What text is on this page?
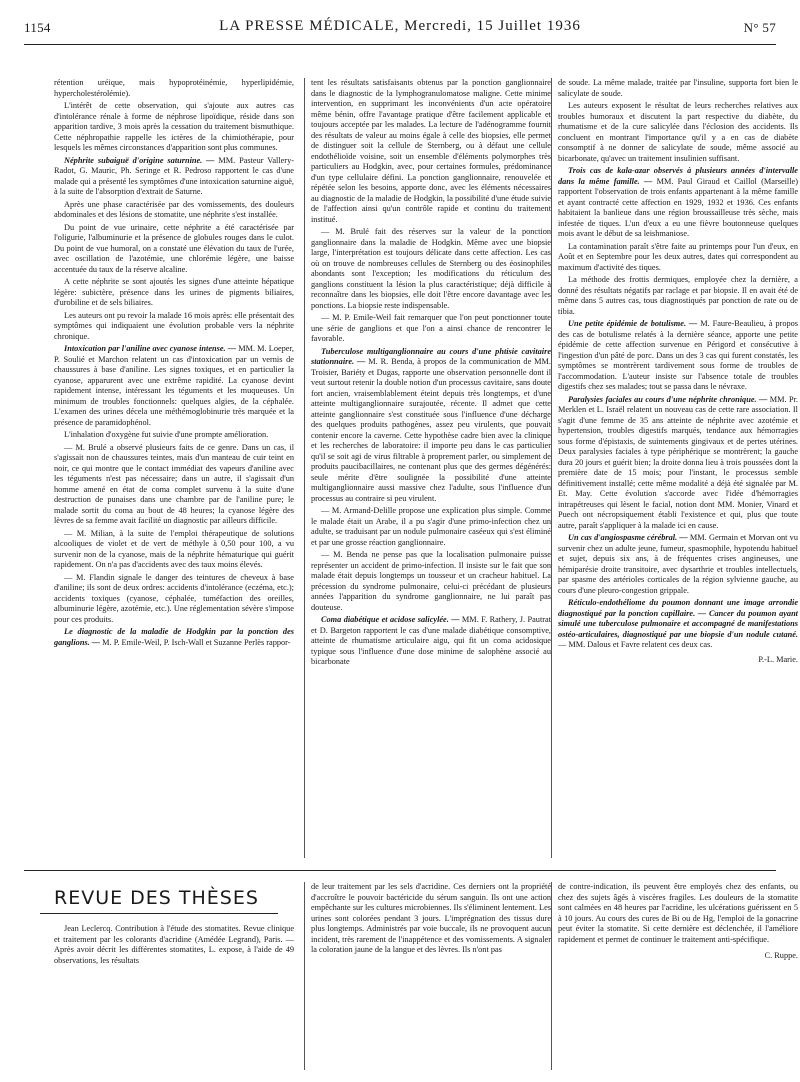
1154	LA PRESSE MÉDICALE, Mercredi, 15 Juillet 1936	N° 57

rétention uréique, mais hypoprotéinémie, hyperlipidémie, hypercholestérolémie).

L'intérêt de cette observation, qui s'ajoute aux autres cas d'intolérance rénale à forme de néphrose lipoïdique, réside dans son apparition tardive, 3 mois après la cessation du traitement bismuthique. Cette néphropathie rappelle les ictères de la chimiothérapie, pour lesquels les mêmes circonstances d'apparition sont plus communes.

Néphrite subaiguë d'origine saturnine. — MM. Pasteur Vallery-Radot, G. Mauric, Ph. Seringe et R. Pedroso rapportent le cas d'une malade qui a présenté les symptômes d'une intoxication saturnine aiguë, à la suite de l'absorption d'extrait de Saturne.

Après une phase caractérisée par des vomissements, des douleurs abdominales et des lésions de stomatite, une néphrite s'est installée.

Du point de vue urinaire, cette néphrite a été caractérisée par l'oligurie, l'albuminurie et la présence de globules rouges dans le culot. Du point de vue humoral, on a constaté une élévation du taux de l'urée, avec oscillation de l'azotémie, une chlorémie légère, une baisse accentuée du taux de la réserve alcaline.

A cette néphrite se sont ajoutés les signes d'une atteinte hépatique légère: subictère, présence dans les urines de pigments biliaires, d'urobiline et de sels biliaires.

Les auteurs ont pu revoir la malade 16 mois après: elle présentait des symptômes qui indiquaient une évolution probable vers la néphrite chronique.

Intoxication par l'aniline avec cyanose intense. — MM. M. Loeper, P. Soulié et Marchon relatent un cas d'intoxication par un vernis de chaussures à base d'aniline. Les signes toxiques, et en particulier la cyanose, apparurent avec une extrême rapidité. La cyanose devint rapidement intense, intéressant les téguments et les muqueuses. Un minimum de troubles fonctionnels: quelques algies, de la céphalée. L'examen des urines décela une méthémoglobinurie très marquée et la présence de paramidophénol.

L'inhalation d'oxygène fut suivie d'une prompte amélioration.

— M. Brulé a observé plusieurs faits de ce genre. Dans un cas, il s'agissait non de chaussures teintes, mais d'un manteau de cuir teint en noir, ce qui montre que le contact immédiat des vapeurs d'aniline avec les téguments n'est pas nécessaire; dans un autre, il s'agissait d'un homme amené en état de coma complet survenu à la suite d'une destruction de punaises dans une chambre par de l'aniline pure; le malade sortit du coma au bout de 48 heures; la cyanose légère des lèvres de sa femme avait facilité un diagnostic par ailleurs difficile.

— M. Milian, à la suite de l'emploi thérapeutique de solutions alcooliques de violet et de vert de méthyle à 0,50 pour 100, a vu survenir non de la cyanose, mais de la néphrite hématurique qui guérit rapidement. On n'a pas d'accidents avec des taux moins élevés.

— M. Flandin signale le danger des teintures de cheveux à base d'aniline; ils sont de deux ordres: accidents d'intolérance (eczéma, etc.); accidents toxiques (cyanose, céphalée, tuméfaction des oreilles, albuminurie légère, azotémie, etc.). Une réglementation sévère s'impose pour ces produits.

Le diagnostic de la maladie de Hodgkin par la ponction des ganglions. — M. P. Emile-Weil, P. Isch-Wall et Suzanne Perlès rappor-

tent les résultats satisfaisants obtenus par la ponction ganglionnaire dans le diagnostic de la lymphogranulomatose maligne. Cette minime intervention, en supprimant les inconvénients d'un acte opératoire même bénin, offre l'avantage pratique d'être facilement applicable et toujours acceptée par les malades. La lecture de l'adénogramme fournit des résultats de valeur au moins égale à celle des biopsies, elle permet de distinguer soit la cellule de Sternberg, ou à défaut une cellule endothélioïde voisine, soit un ensemble d'éléments polymorphes très particuliers au Hodgkin, avec, pour certaines formules, prédominance d'un type cellulaire défini. La ponction ganglionnaire, renouvelée et répétée selon les besoins, apporte donc, avec les éléments nécessaires au diagnostic de la maladie de Hodgkin, la possibilité d'une étude suivie de l'affection ainsi qu'un contrôle rapide et continu du traitement institué.

— M. Brulé fait des réserves sur la valeur de la ponction ganglionnaire dans la maladie de Hodgkin. Même avec une biopsie large, l'interprétation est toujours délicate dans cette affection. Les cas où on trouve de nombreuses cellules de Sternberg ou des éosinophiles abondants sont l'exception; les modifications du réticulum des ganglions constituent la lésion la plus caractéristique; déjà difficile à reconnaître dans les biopsies, elle doit l'être encore davantage avec les ponctions. La biopsie reste indispensable.

— M. P. Emile-Weil fait remarquer que l'on peut ponctionner toute une série de ganglions et que l'on a ainsi chance de rencontrer le favorable.

Tuberculose multiganglionnaire au cours d'une phtisie cavitaire stationnaire. — M. R. Benda, à propos de la communication de MM. Troisier, Bariéty et Dugas, rapporte une observation personnelle dont il veut surtout retenir la double notion d'un processus cavitaire, sans doute fort ancien, vraisemblablement éteint depuis très longtemps, et d'une atteinte multiganglionnaire surajoutée, récente. Il admet que cette atteinte ganglionnaire s'est constituée sous l'influence d'une décharge des quelques produits pathogènes, assez peu virulents, que pouvait contenir encore la caverne. Cette hypothèse cadre bien avec la clinique et les recherches de laboratoire: il importe peu dans le cas particulier qu'il se soit agi de virus filtrable à proprement parler, ou simplement de produits paucibacillaires, ne contenant plus que des germes dégénérés: seule mérite d'être soulignée la possibilité d'une atteinte multiganglionnaire aussi massive chez l'adulte, sous l'influence d'un processus au contraire si peu virulent.

— M. Armand-Delille propose une explication plus simple. Comme le malade était un Arabe, il a pu s'agir d'une primo-infection chez un adulte, se traduisant par un nodule pulmonaire caséeux qui s'est éliminé et par une grosse réaction ganglionnaire.

— M. Benda ne pense pas que la localisation pulmonaire puisse représenter un accident de primo-infection. Il insiste sur le fait que son malade était depuis longtemps un tousseur et un cracheur habituel. La précession du syndrome pulmonaire, celui-ci précédant de plusieurs années l'apparition du syndrome ganglionnaire, ne lui paraît pas douteuse.

Coma diabétique et acidose salicylée. — MM. F. Rathery, J. Pautrat et D. Bargeton rapportent le cas d'une malade diabétique consomptive, atteinte de rhumatisme articulaire aigu, qui fit un coma acidosique typique sous l'influence d'une dose minime de salophène associé au bicarbonate

de soude. La même malade, traitée par l'insuline, supporta fort bien le salicylate de soude.

Les auteurs exposent le résultat de leurs recherches relatives aux troubles humoraux et discutent la part respective du diabète, du rhumatisme et de la cure salicylée dans l'éclosion des accidents. Ils concluent en montrant l'importance qu'il y a en cas de diabète consomptif à ne donner de salicylate de soude, même associé au bicarbonate, qu'avec un traitement insulinien suffisant.

Trois cas de kala-azar observés à plusieurs années d'intervalle dans la même famille. — MM. Paul Giraud et Caillol (Marseille) rapportent l'observation de trois enfants appartenant à la même famille et ayant contracté cette affection en 1929, 1932 et 1936. Ces enfants habitaient la banlieue dans une région broussailleuse très sèche, mais infestée de tiques. L'un d'eux a eu une fièvre boutonneuse quelques mois avant le début de sa leishmaniose.

La contamination paraît s'être faite au printemps pour l'un d'eux, en Août et en Septembre pour les deux autres, dates qui correspondent au maximum d'activité des tiques.

La méthode des frottis dermiques, employée chez la dernière, a donné des résultats négatifs par raclage et par biopsie. Il en avait été de même dans 5 autres cas, tous diagnostiqués par ponction de rate ou de tibia.

Une petite épidémie de botulisme. — M. Faure-Beaulieu, à propos des cas de botulisme relatés à la dernière séance, apporte une petite épidémie de cette affection survenue en Périgord et consécutive à l'ingestion d'un pâté de porc. Dans un des 3 cas qui furent constatés, les symptômes se montrèrent tardivement sous forme de troubles de l'accommodation. L'auteur insiste sur l'absence totale de troubles digestifs chez ses malades; tout se passa dans le névraxe.

Paralysies faciales au cours d'une néphrite chronique. — MM. Pr. Merklen et L. Israël relatent un nouveau cas de cette rare association. Il s'agit d'une femme de 35 ans atteinte de néphrite avec azotémie et hypertension, troubles digestifs marqués, tendance aux hémorragies sous forme d'épistaxis, de suintements gingivaux et de pertes utérines. Deux paralysies faciales à type périphérique se montrèrent; la gauche dura 20 jours et guérit bien; la droite donna lieu à trois poussées dont la première date de 15 mois; pour l'instant, le processus semble définitivement installé; cette même modalité a déjà été signalée par M. Et. May. Cette évolution s'accorde avec l'idée d'hémorragies intrapétreuses qui lèsent le facial, notion dont MM. Monier, Vinard et Puech ont nécropsiquement établi l'existence et qui, plus que toute autre, paraît s'appliquer à la malade ici en cause.

Un cas d'angiospasme cérébral. — MM. Germain et Morvan ont vu survenir chez un adulte jeune, fumeur, spasmophile, hypotendu habituel et sujet, depuis six ans, à de fréquentes crises angineuses, une hémiparésie droite transitoire, avec dysarthrie et troubles intellectuels, par spasme des artérioles corticales de la région sylvienne gauche, au cours d'une pleuro-congestion grippale.

Réticulo-endothéliome du poumon donnant une image arrondie diagnostiqué par la ponction capillaire. — Cancer du poumon ayant simulé une tuberculose pulmonaire et accompagné de manifestations ostéo-articulaires, diagnostiqué par une biopsie d'un nodule cutané. — MM. Dalous et Favre relatent ces deux cas.

P.-L. Marie.

REVUE DES THÈSES

Jean Leclercq. Contribution à l'étude des stomatites. Revue clinique et traitement par les colorants d'acridine (Amédée Legrand), Paris. — Après avoir décrit les différentes stomatites, L. expose, à l'aide de 49 observations, les résultats

de leur traitement par les sels d'acridine. Ces derniers ont la propriété d'accroître le pouvoir bactéricide du sérum sanguin. Ils ont une action empêchante sur les cultures microbiennes. Ils s'éliminent lentement. Les urines sont colorées pendant 3 jours. L'imprégnation des tissus dure plus longtemps. Administrés par voie buccale, ils ne provoquent aucun incident, très rarement de l'inappétence et des vomissements. A signaler la coloration jaune de la langue et des lèvres. Ils n'ont pas

de contre-indication, ils peuvent être employés chez des enfants, ou chez des sujets âgés à viscères fragiles. Les douleurs de la stomatite sont calmées en 48 heures par l'acridine, les ulcérations guérissent en 5 à 10 jours. Au cours des cures de Bi ou de Hg, l'emploi de la gonacrine peut éviter la stomatite. Si cette dernière est déclenchée, il l'améliore rapidement et permet de continuer le traitement anti-spécifique.

C. Ruppe.
